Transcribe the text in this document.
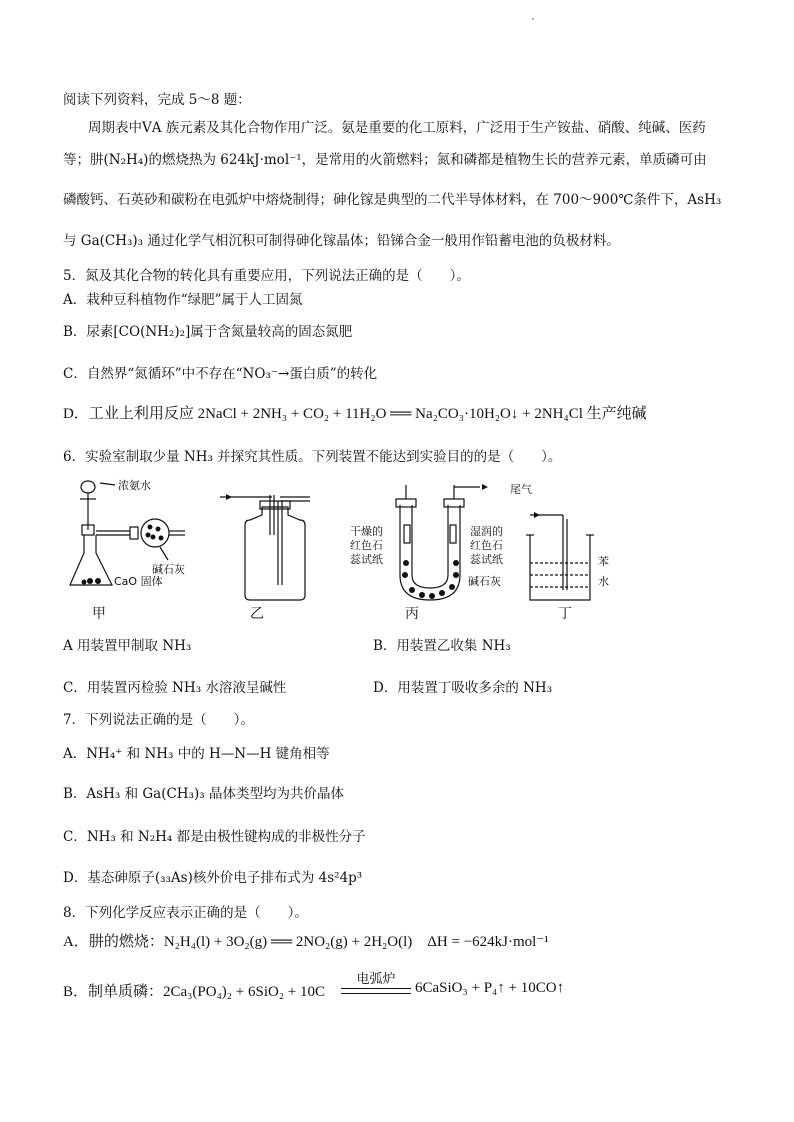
阅读下列资料，完成 5～8 题：
周期表中ⅤA 族元素及其化合物作用广泛。氨是重要的化工原料，广泛用于生产铵盐、硝酸、纯碱、医药
等；肼(N₂H₄)的燃烧热为 624kJ·mol⁻¹，是常用的火箭燃料；氮和磷都是植物生长的营养元素，单质磷可由
磷酸钙、石英砂和碳粉在电弧炉中熔烧制得；砷化镓是典型的二代半导体材料，在 700～900℃条件下，AsH₃
与 Ga(CH₃)₃ 通过化学气相沉积可制得砷化镓晶体；铅锑合金一般用作铅蓄电池的负极材料。
5．氮及其化合物的转化具有重要应用，下列说法正确的是（　　）。
A．栽种豆科植物作“绿肥”属于人工固氮
B．尿素[CO(NH₂)₂]属于含氮量较高的固态氮肥
C．自然界“氮循环”中不存在“NO₃⁻→蛋白质”的转化
D．工业上利用反应 2NaCl + 2NH₃ + CO₂ + 11H₂O ══ Na₂CO₃·10H₂O↓ + 2NH₄Cl 生产纯碱
6．实验室制取少量 NH₃ 并探究其性质。下列装置不能达到实验目的的是（　　）。
浓氨水
碱石灰
CaO 固体
干燥的
红色石
蕊试纸
湿润的
红色石
蕊试纸
碱石灰
尾气
苯
水
甲	乙	丙	丁
A 用装置甲制取 NH₃	B．用装置乙收集 NH₃
C．用装置丙检验 NH₃ 水溶液呈碱性	D．用装置丁吸收多余的 NH₃
7．下列说法正确的是（　　）。
A．NH₄⁺ 和 NH₃ 中的 H—N—H 键角相等
B．AsH₃ 和 Ga(CH₃)₃ 晶体类型均为共价晶体
C．NH₃ 和 N₂H₄ 都是由极性键构成的非极性分子
D．基态砷原子(₃₃As)核外价电子排布式为 4s²4p³
8．下列化学反应表示正确的是（　　）。
A．肼的燃烧：N₂H₄(l) + 3O₂(g) ══ 2NO₂(g) + 2H₂O(l)　ΔH = −624kJ·mol⁻¹
B．制单质磷：2Ca₃(PO₄)₂ + 6SiO₂ + 10C
电弧炉
6CaSiO₃ + P₄↑ + 10CO↑
